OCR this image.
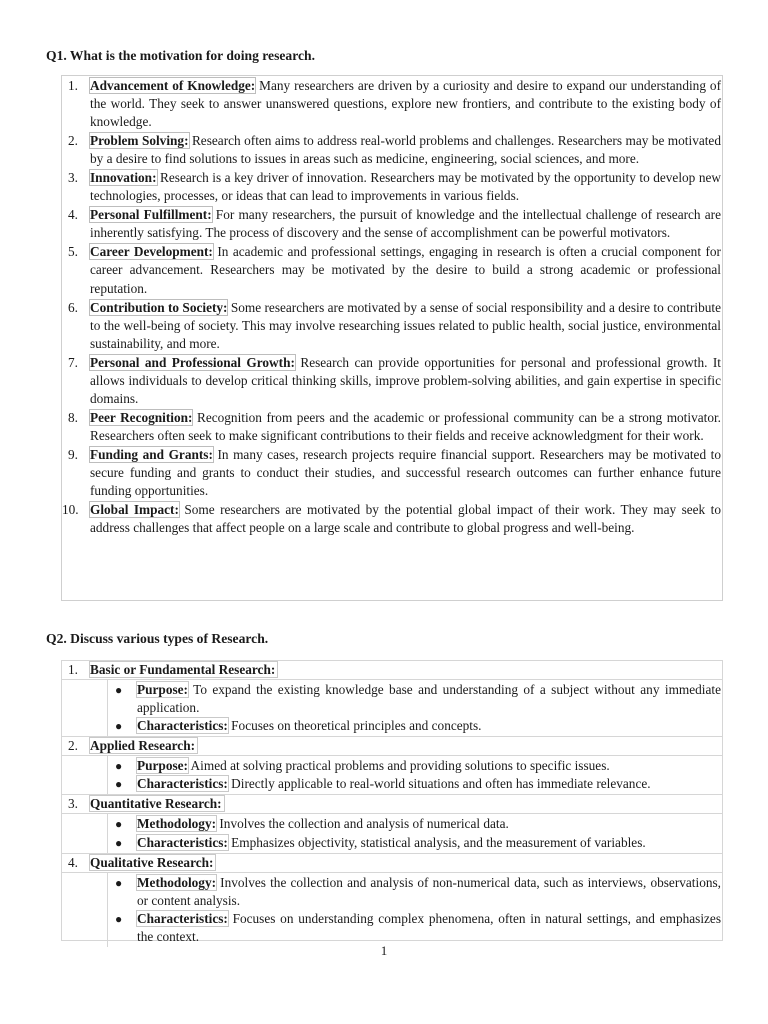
Q1. What is the motivation for doing research.
1. Advancement of Knowledge: Many researchers are driven by a curiosity and desire to expand our understanding of the world. They seek to answer unanswered questions, explore new frontiers, and contribute to the existing body of knowledge.
2. Problem Solving: Research often aims to address real-world problems and challenges. Researchers may be motivated by a desire to find solutions to issues in areas such as medicine, engineering, social sciences, and more.
3. Innovation: Research is a key driver of innovation. Researchers may be motivated by the opportunity to develop new technologies, processes, or ideas that can lead to improvements in various fields.
4. Personal Fulfillment: For many researchers, the pursuit of knowledge and the intellectual challenge of research are inherently satisfying. The process of discovery and the sense of accomplishment can be powerful motivators.
5. Career Development: In academic and professional settings, engaging in research is often a crucial component for career advancement. Researchers may be motivated by the desire to build a strong academic or professional reputation.
6. Contribution to Society: Some researchers are motivated by a sense of social responsibility and a desire to contribute to the well-being of society. This may involve researching issues related to public health, social justice, environmental sustainability, and more.
7. Personal and Professional Growth: Research can provide opportunities for personal and professional growth. It allows individuals to develop critical thinking skills, improve problem-solving abilities, and gain expertise in specific domains.
8. Peer Recognition: Recognition from peers and the academic or professional community can be a strong motivator. Researchers often seek to make significant contributions to their fields and receive acknowledgment for their work.
9. Funding and Grants: In many cases, research projects require financial support. Researchers may be motivated to secure funding and grants to conduct their studies, and successful research outcomes can further enhance future funding opportunities.
10. Global Impact: Some researchers are motivated by the potential global impact of their work. They may seek to address challenges that affect people on a large scale and contribute to global progress and well-being.
Q2. Discuss various types of Research.
1. Basic or Fundamental Research:
● Purpose: To expand the existing knowledge base and understanding of a subject without any immediate application.
● Characteristics: Focuses on theoretical principles and concepts.
2. Applied Research:
● Purpose: Aimed at solving practical problems and providing solutions to specific issues.
● Characteristics: Directly applicable to real-world situations and often has immediate relevance.
3. Quantitative Research:
● Methodology: Involves the collection and analysis of numerical data.
● Characteristics: Emphasizes objectivity, statistical analysis, and the measurement of variables.
4. Qualitative Research:
● Methodology: Involves the collection and analysis of non-numerical data, such as interviews, observations, or content analysis.
● Characteristics: Focuses on understanding complex phenomena, often in natural settings, and emphasizes the context.
1
